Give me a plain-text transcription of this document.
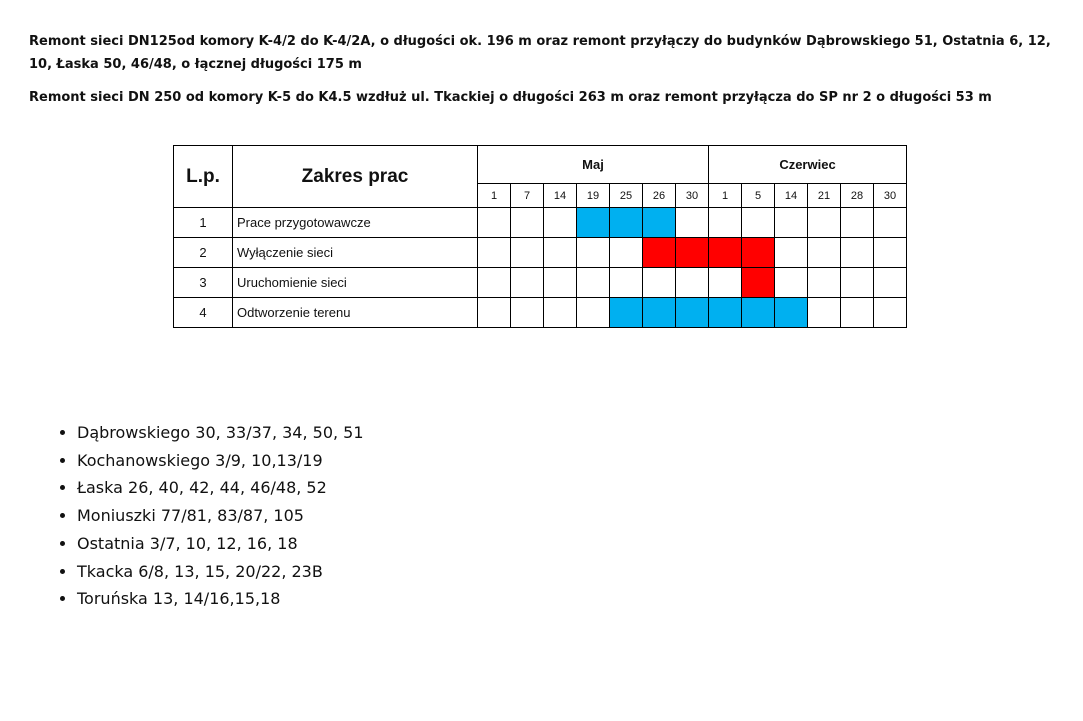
Remont sieci DN125od komory K-4/2 do K-4/2A, o długości ok. 196 m oraz remont przyłączy do budynków Dąbrowskiego 51, Ostatnia 6, 12, 10, Łaska 50, 46/48, o łącznej długości 175 m

Remont sieci DN 250 od komory K-5 do K4.5 wzdłuż ul. Tkackiej o długości 263 m oraz remont przyłącza do SP nr 2 o długości 53 m

L.p.	Zakres prac	Maj							Czerwiec					
		1	7	14	19	25	26	30	1	5	14	21	28	30
1	Prace przygotowawcze													
2	Wyłączenie sieci													
3	Uruchomienie sieci													
4	Odtworzenie terenu													
• Dąbrowskiego 30, 33/37, 34, 50, 51
• Kochanowskiego 3/9, 10,13/19
• Łaska 26, 40, 42, 44, 46/48, 52
• Moniuszki 77/81, 83/87, 105
• Ostatnia 3/7, 10, 12, 16, 18
• Tkacka 6/8, 13, 15, 20/22, 23B
• Toruńska 13, 14/16,15,18
